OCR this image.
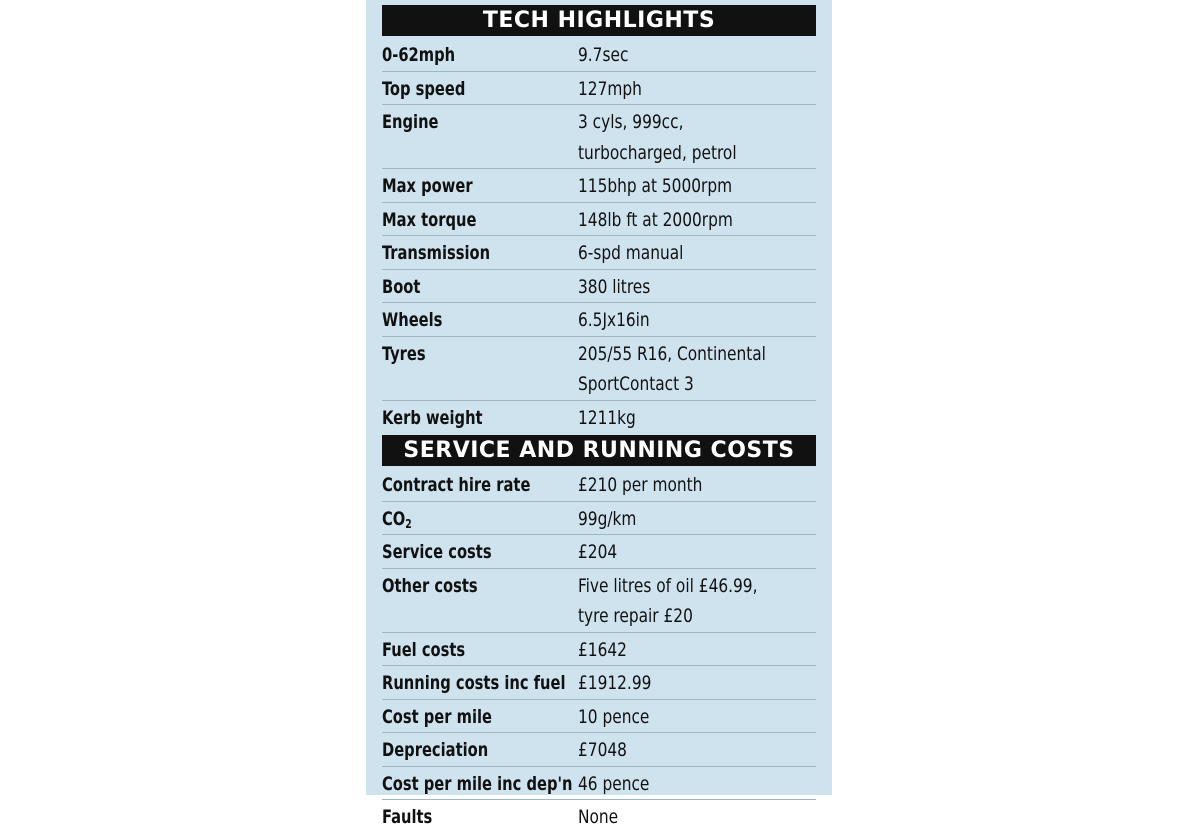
TECH HIGHLIGHTS
0-62mph	9.7sec
Top speed	127mph
Engine	3 cyls, 999cc,
turbocharged, petrol
Max power	115bhp at 5000rpm
Max torque	148lb ft at 2000rpm
Transmission	6-spd manual
Boot	380 litres
Wheels	6.5Jx16in
Tyres	205/55 R16, Continental
SportContact 3
Kerb weight	1211kg
SERVICE AND RUNNING COSTS
Contract hire rate	£210 per month
$CO_2$	99g/km
Service costs	£204
Other costs	Five litres of oil £46.99,
tyre repair £20
Fuel costs	£1642
Running costs inc fuel £1912.99
Cost per mile	10 pence
Depreciation	£7048
Cost per mile inc dep'n 46 pence
Faults	None
